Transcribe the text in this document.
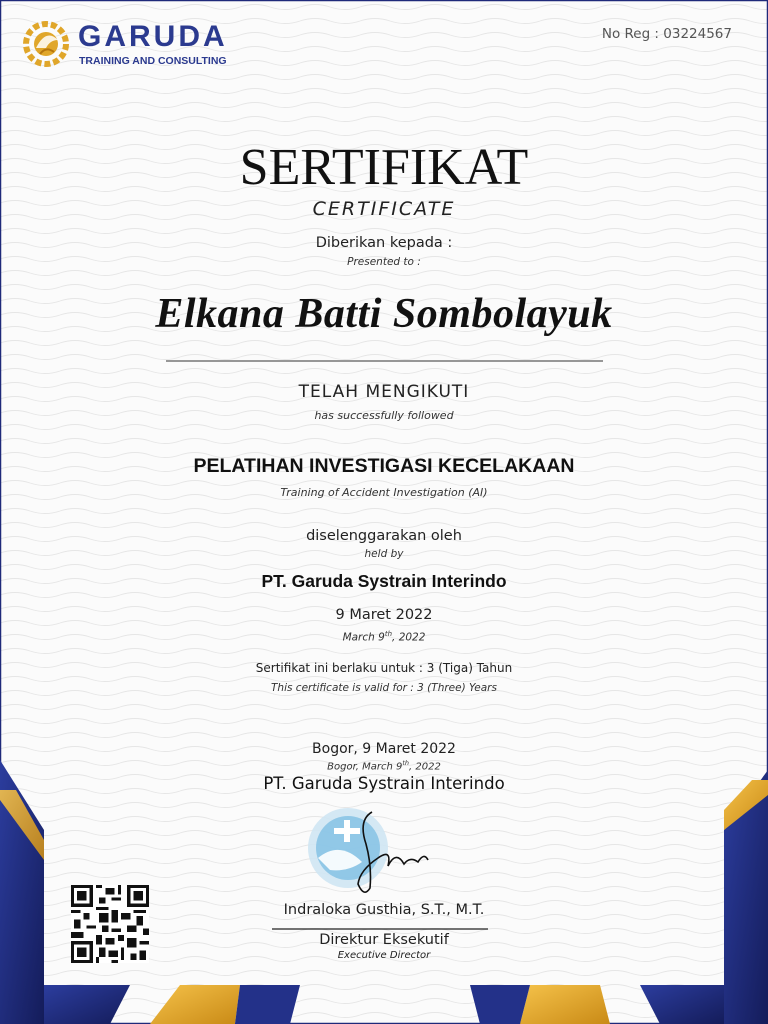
GARUDA
TRAINING AND CONSULTING
No Reg : 03224567
SERTIFIKAT
CERTIFICATE
Diberikan kepada :
Presented to :
Elkana Batti Sombolayuk
TELAH MENGIKUTI
has successfully followed
PELATIHAN INVESTIGASI KECELAKAAN
Training of Accident Investigation (AI)
diselenggarakan oleh
held by
PT. Garuda Systrain Interindo
9 Maret 2022
March 9th, 2022
Sertifikat ini berlaku untuk : 3 (Tiga) Tahun
This certificate is valid for : 3 (Three) Years
Bogor, 9 Maret 2022
Bogor, March 9th, 2022
PT. Garuda Systrain Interindo
Indraloka Gusthia, S.T., M.T.
Direktur Eksekutif
Executive Director
